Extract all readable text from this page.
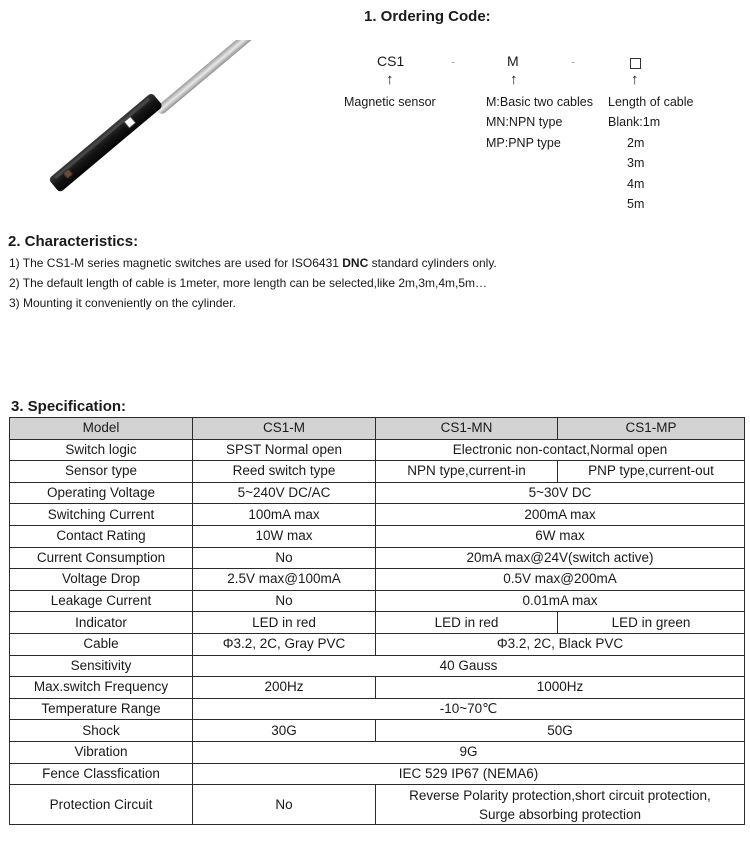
1. Ordering Code:
CS1	-	M	-
↑	↑	↑
Magnetic sensor	M:Basic two cables
MN:NPN type
MP:PNP type
Length of cable
Blank:1m
2m
3m
4m
5m
2. Characteristics:
1) The CS1-M series magnetic switches are used for ISO6431 DNC standard cylinders only.
2) The default length of cable is 1meter, more length can be selected,like 2m,3m,4m,5m…
3) Mounting it conveniently on the cylinder.
3. Specification:
Model	CS1-M	CS1-MN	CS1-MP
Switch logic	SPST Normal open	Electronic non-contact,Normal open	
Sensor type	Reed switch type	NPN type,current-in	PNP type,current-out
Operating Voltage	5~240V DC/AC	5~30V DC	
Switching Current	100mA max	200mA max	
Contact Rating	10W max	6W max	
Current Consumption	No	20mA max@24V(switch active)	
Voltage Drop	2.5V max@100mA	0.5V max@200mA	
Leakage Current	No	0.01mA max	
Indicator	LED in red	LED in red	LED in green
Cable	Φ3.2, 2C, Gray PVC	Φ3.2, 2C, Black PVC	
Sensitivity	40 Gauss		
Max.switch Frequency	200Hz	1000Hz	
Temperature Range	-10~70℃		
Shock	30G	50G	
Vibration	9G		
Fence Classfication	IEC 529 IP67 (NEMA6)		
Protection Circuit	No	Reverse Polarity protection,short circuit protection,
Surge absorbing protection	
